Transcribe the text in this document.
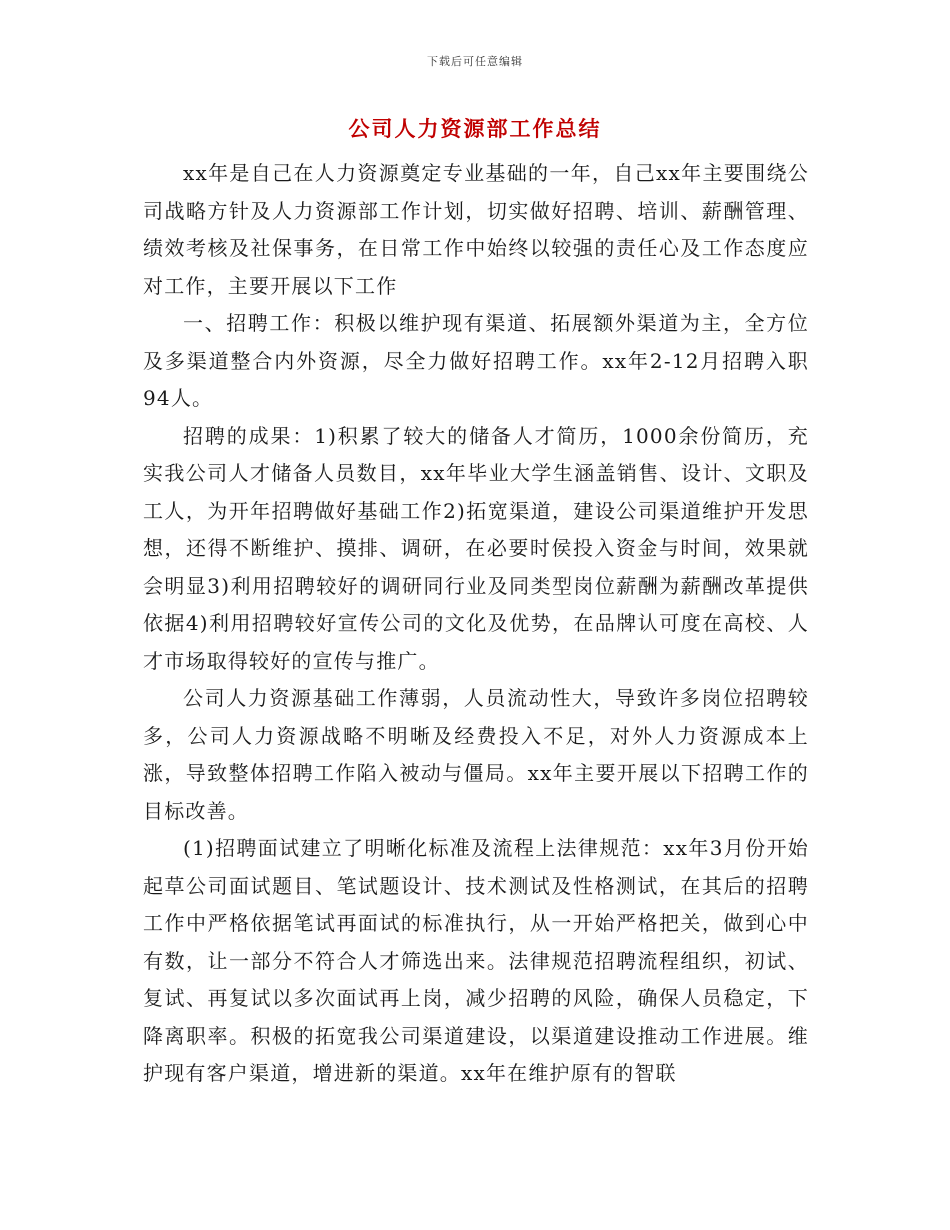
下载后可任意编辑
公司人力资源部工作总结

xx年是自己在人力资源奠定专业基础的一年，自己xx年主要围绕公司战略方针及人力资源部工作计划，切实做好招聘、培训、薪酬管理、绩效考核及社保事务，在日常工作中始终以较强的责任心及工作态度应对工作，主要开展以下工作

一、招聘工作：积极以维护现有渠道、拓展额外渠道为主，全方位及多渠道整合内外资源，尽全力做好招聘工作。xx年2-12月招聘入职94人。

招聘的成果：1)积累了较大的储备人才简历，1000余份简历，充实我公司人才储备人员数目，xx年毕业大学生涵盖销售、设计、文职及工人，为开年招聘做好基础工作2)拓宽渠道，建设公司渠道维护开发思想，还得不断维护、摸排、调研，在必要时侯投入资金与时间，效果就会明显3)利用招聘较好的调研同行业及同类型岗位薪酬为薪酬改革提供依据4)利用招聘较好宣传公司的文化及优势，在品牌认可度在高校、人才市场取得较好的宣传与推广。

公司人力资源基础工作薄弱，人员流动性大，导致许多岗位招聘较多，公司人力资源战略不明晰及经费投入不足，对外人力资源成本上涨，导致整体招聘工作陷入被动与僵局。xx年主要开展以下招聘工作的目标改善。

(1)招聘面试建立了明晰化标准及流程上法律规范：xx年3月份开始起草公司面试题目、笔试题设计、技术测试及性格测试，在其后的招聘工作中严格依据笔试再面试的标准执行，从一开始严格把关，做到心中有数，让一部分不符合人才筛选出来。法律规范招聘流程组织，初试、复试、再复试以多次面试再上岗，减少招聘的风险，确保人员稳定，下降离职率。积极的拓宽我公司渠道建设，以渠道建设推动工作进展。维护现有客户渠道，增进新的渠道。xx年在维护原有的智联
